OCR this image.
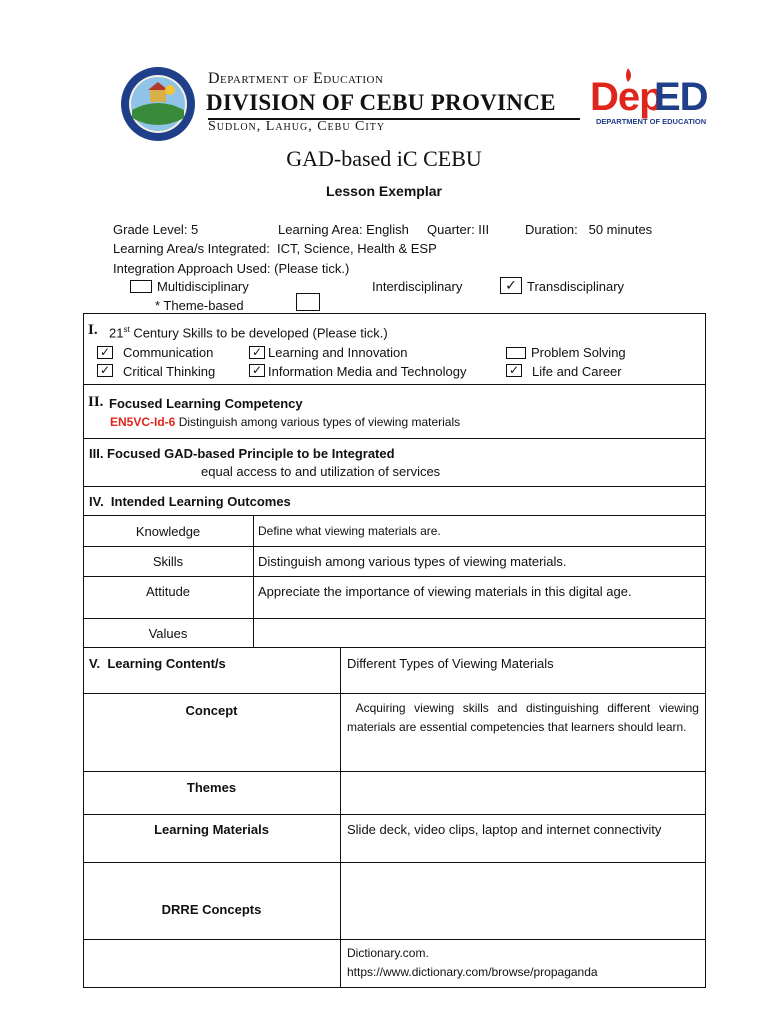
Department of Education
DIVISION OF CEBU PROVINCE
Sudlon, Lahug, Cebu City
Dep
ED
DEPARTMENT OF EDUCATION
GAD-based iC CEBU
Lesson Exemplar
Grade Level: 5	Learning Area: English Quarter: III	Duration:   50 minutes
Learning Area/s Integrated:  ICT, Science, Health & ESP
Integration Approach Used: (Please tick.)
Multidisciplinary	Interdisciplinary	✓ Transdisciplinary
* Theme-based
I. 21st Century Skills to be developed (Please tick.)
✓ Communication	✓ Learning and Innovation	Problem Solving
✓ Critical Thinking	✓ Information Media and Technology	✓ Life and Career
II. Focused Learning Competency
EN5VC-Id-6 Distinguish among various types of viewing materials
III. Focused GAD-based Principle to be Integrated
equal access to and utilization of services
IV.  Intended Learning Outcomes
Knowledge	Define what viewing materials are.
Skills	Distinguish among various types of viewing materials.
Attitude	Appreciate the importance of viewing materials in this digital age.
Values
V.  Learning Content/s	Different Types of Viewing Materials
Concept	Acquiring viewing skills and distinguishing different viewing materials are essential competencies that learners should learn.
Themes
Learning Materials	Slide deck, video clips, laptop and internet connectivity
DRRE Concepts
Dictionary.com.
https://www.dictionary.com/browse/propaganda
